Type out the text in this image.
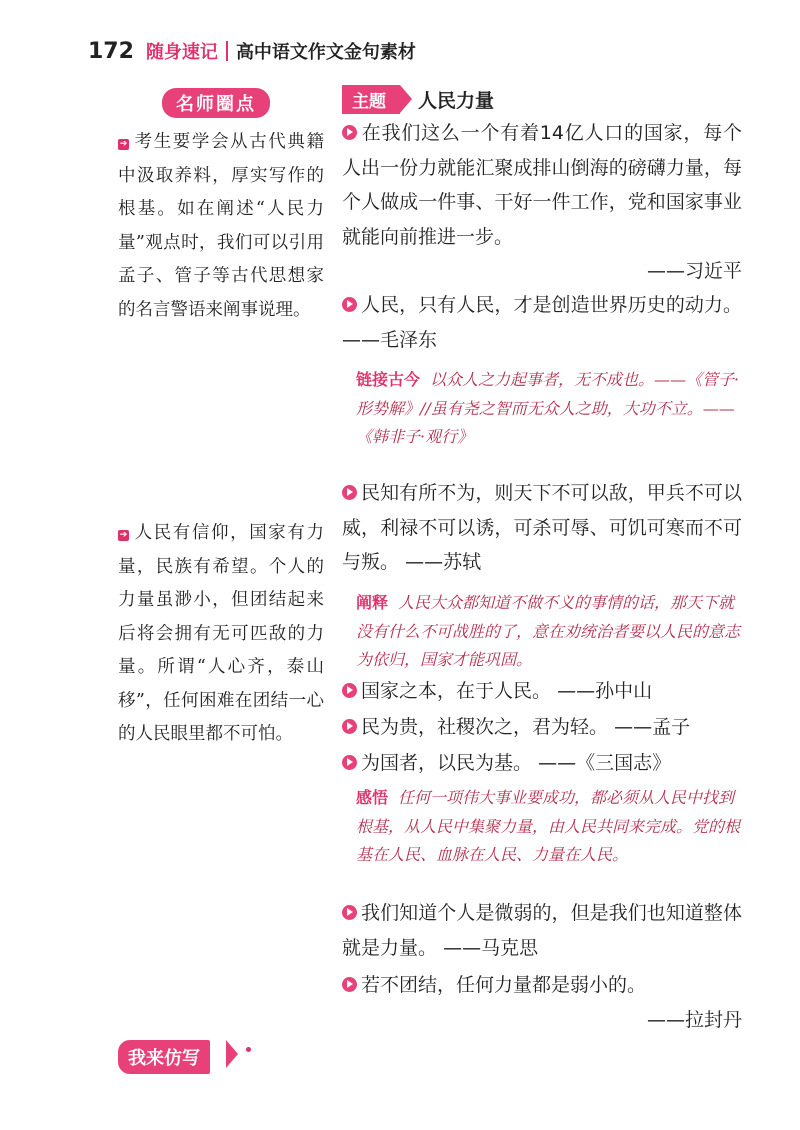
172 随身速记 高中语文作文金句素材
名师圈点
➔ 考生要学会从古代典籍中汲取养料，厚实写作的根基。如在阐述“人民力量”观点时，我们可以引用孟子、管子等古代思想家的名言警语来阐事说理。
➔ 人民有信仰，国家有力量，民族有希望。个人的力量虽渺小，但团结起来后将会拥有无可匹敌的力量。所谓“人心齐，泰山移”，任何困难在团结一心的人民眼里都不可怕。
主题	人民力量
在我们这么一个有着14亿人口的国家，每个人出一份力就能汇聚成排山倒海的磅礴力量，每个人做成一件事、干好一件工作，党和国家事业就能向前推进一步。
——习近平
人民，只有人民，才是创造世界历史的动力。 ——毛泽东
链接古今 以众人之力起事者，无不成也。——《管子·形势解》//虽有尧之智而无众人之助，大功不立。——《韩非子·观行》
民知有所不为，则天下不可以敌，甲兵不可以威，利禄不可以诱，可杀可辱、可饥可寒而不可与叛。 ——苏轼
阐释 人民大众都知道不做不义的事情的话，那天下就没有什么不可战胜的了，意在劝统治者要以人民的意志为依归，国家才能巩固。
国家之本，在于人民。 ——孙中山
民为贵，社稷次之，君为轻。 ——孟子
为国者，以民为基。 ——《三国志》
感悟 任何一项伟大事业要成功，都必须从人民中找到根基，从人民中集聚力量，由人民共同来完成。党的根基在人民、血脉在人民、力量在人民。
我们知道个人是微弱的，但是我们也知道整体就是力量。 ——马克思
若不团结，任何力量都是弱小的。
——拉封丹
我来仿写
